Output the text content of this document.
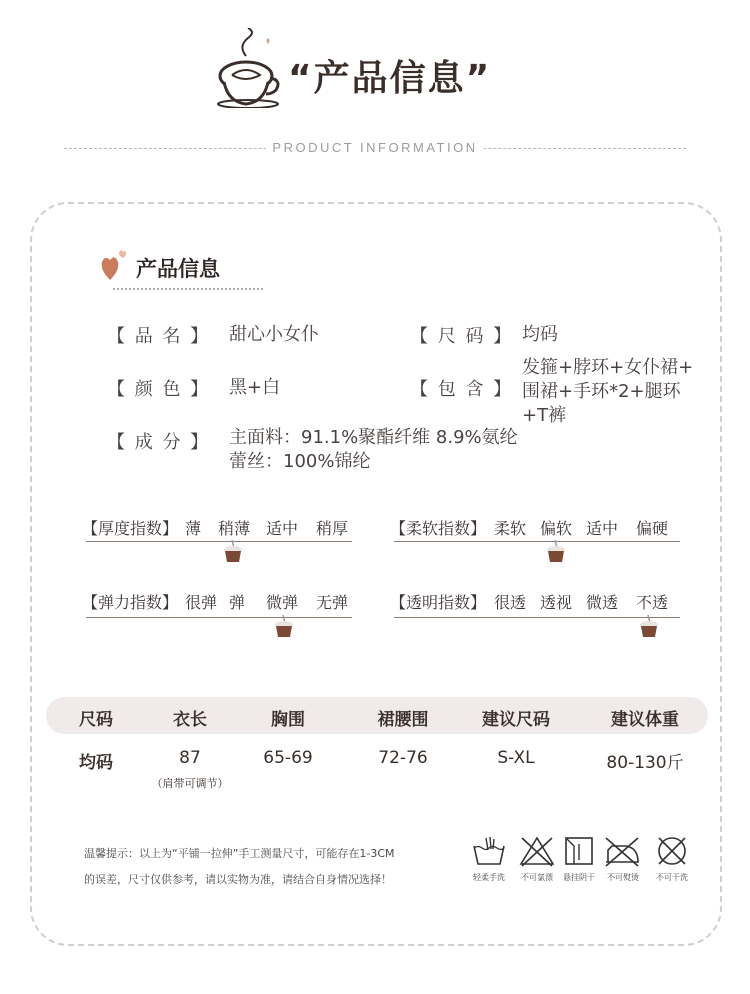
“产品信息”
PRODUCT INFORMATION
产品信息
【 品 名 】 甜心小女仆	【 尺 码 】 均码
【 颜 色 】 黑+白	【 包 含 】
发箍+脖环+女仆裙+
围裙+手环*2+腿环
+T裤
【 成 分 】 主面料：91.1%聚酯纤维 8.9%氨纶
蕾丝：100%锦纶
【厚度指数】 薄 稍薄 适中 稍厚	【柔软指数】 柔软 偏软 适中 偏硬
【弹力指数】 很弹 弹 微弹 无弹	【透明指数】 很透 透视 微透 不透
尺码	衣长	胸围	裙腰围	建议尺码	建议体重
均码	87	65-69	72-76	S-XL	80-130斤
（肩带可调节）
温馨提示：以上为“平铺一拉伸”手工测量尺寸，可能存在1-3CM
的误差，尺寸仅供参考，请以实物为准，请结合自身情况选择！	轻柔手洗	不可氯漂	悬挂阴干	不可熨烫	不可干洗
